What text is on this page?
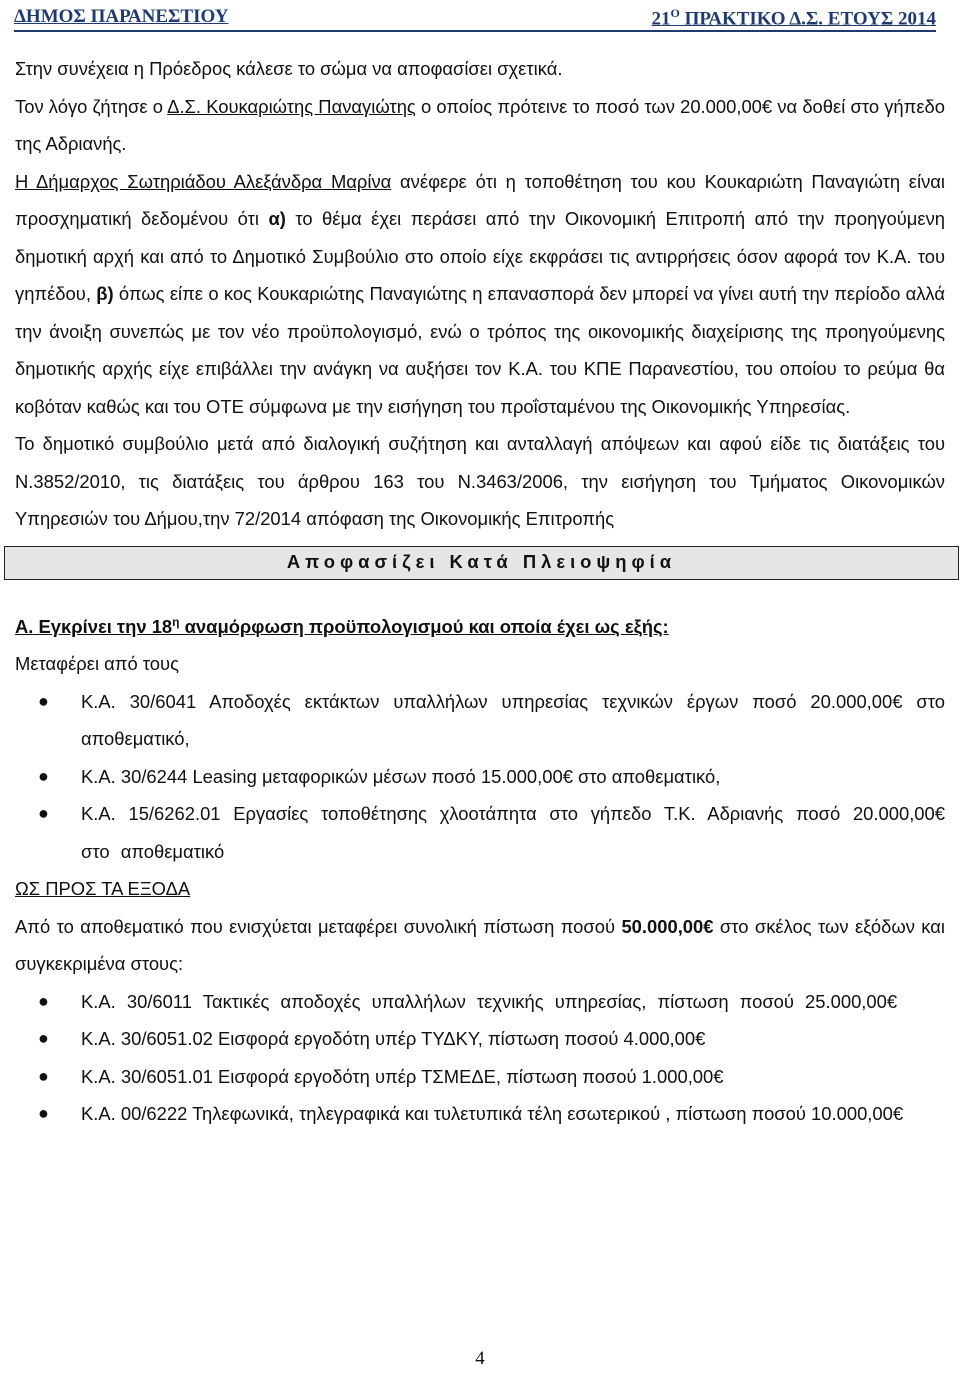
ΔΗΜΟΣ ΠΑΡΑΝΕΣΤΙΟΥ	$21^O$ ΠΡΑΚΤΙΚΟ Δ.Σ. ΕΤΟΥΣ 2014
Στην συνέχεια η Πρόεδρος κάλεσε το σώμα να αποφασίσει σχετικά.
Τον λόγο ζήτησε ο Δ.Σ. Κουκαριώτης Παναγιώτης ο οποίος πρότεινε το ποσό των 20.000,00€ να δοθεί στο γήπεδο της Αδριανής.
Η Δήμαρχος Σωτηριάδου Αλεξάνδρα Μαρίνα ανέφερε ότι η τοποθέτηση του κου Κουκαριώτη Παναγιώτη είναι προσχηματική δεδομένου ότι α) το θέμα έχει περάσει από την Οικονομική Επιτροπή από την προηγούμενη δημοτική αρχή και από το Δημοτικό Συμβούλιο στο οποίο είχε εκφράσει τις αντιρρήσεις όσον αφορά τον Κ.Α. του γηπέδου, β) όπως είπε ο κος Κουκαριώτης Παναγιώτης η επανασπορά δεν μπορεί να γίνει αυτή την περίοδο αλλά την άνοιξη συνεπώς με τον νέο προϋπολογισμό, ενώ ο τρόπος της οικονομικής διαχείρισης της προηγούμενης δημοτικής αρχής είχε επιβάλλει την ανάγκη να αυξήσει τον Κ.Α. του ΚΠΕ Παρανεστίου, του οποίου το ρεύμα θα κοβόταν καθώς και του ΟΤΕ σύμφωνα με την εισήγηση του προΐσταμένου της Οικονομικής Υπηρεσίας.
Το δημοτικό συμβούλιο μετά από διαλογική συζήτηση και ανταλλαγή απόψεων και αφού είδε τις διατάξεις του Ν.3852/2010, τις διατάξεις του άρθρου 163 του Ν.3463/2006, την εισήγηση του Τμήματος Οικονομικών Υπηρεσιών του Δήμου,την 72/2014 απόφαση της Οικονομικής Επιτροπής
Αποφασίζει Κατά Πλειοψηφία
Α. Εγκρίνει την $18^\eta$ αναμόρφωση προϋπολογισμού και οποία έχει ως εξής:
Μεταφέρει από τους
● Κ.Α. 30/6041 Αποδοχές εκτάκτων υπαλλήλων υπηρεσίας τεχνικών έργων ποσό 20.000,00€ στο αποθεματικό,
● Κ.Α. 30/6244 Leasing μεταφορικών μέσων ποσό 15.000,00€ στο αποθεματικό,
● Κ.Α. 15/6262.01 Εργασίες τοποθέτησης χλοοτάπητα στο γήπεδο Τ.Κ. Αδριανής ποσό 20.000,00€ στο αποθεματικό
ΩΣ ΠΡΟΣ ΤΑ ΕΞΟΔΑ
Από το αποθεματικό που ενισχύεται μεταφέρει συνολική πίστωση ποσού 50.000,00€ στο σκέλος των εξόδων και συγκεκριμένα στους:
● Κ.Α. 30/6011 Τακτικές αποδοχές υπαλλήλων τεχνικής υπηρεσίας, πίστωση ποσού 25.000,00€
● Κ.Α. 30/6051.02 Εισφορά εργοδότη υπέρ ΤΥΔΚΥ, πίστωση ποσού 4.000,00€
● Κ.Α. 30/6051.01 Εισφορά εργοδότη υπέρ ΤΣΜΕΔΕ, πίστωση ποσού 1.000,00€
● Κ.Α. 00/6222 Τηλεφωνικά, τηλεγραφικά και τυλετυπικά τέλη εσωτερικού , πίστωση ποσού 10.000,00€
4
